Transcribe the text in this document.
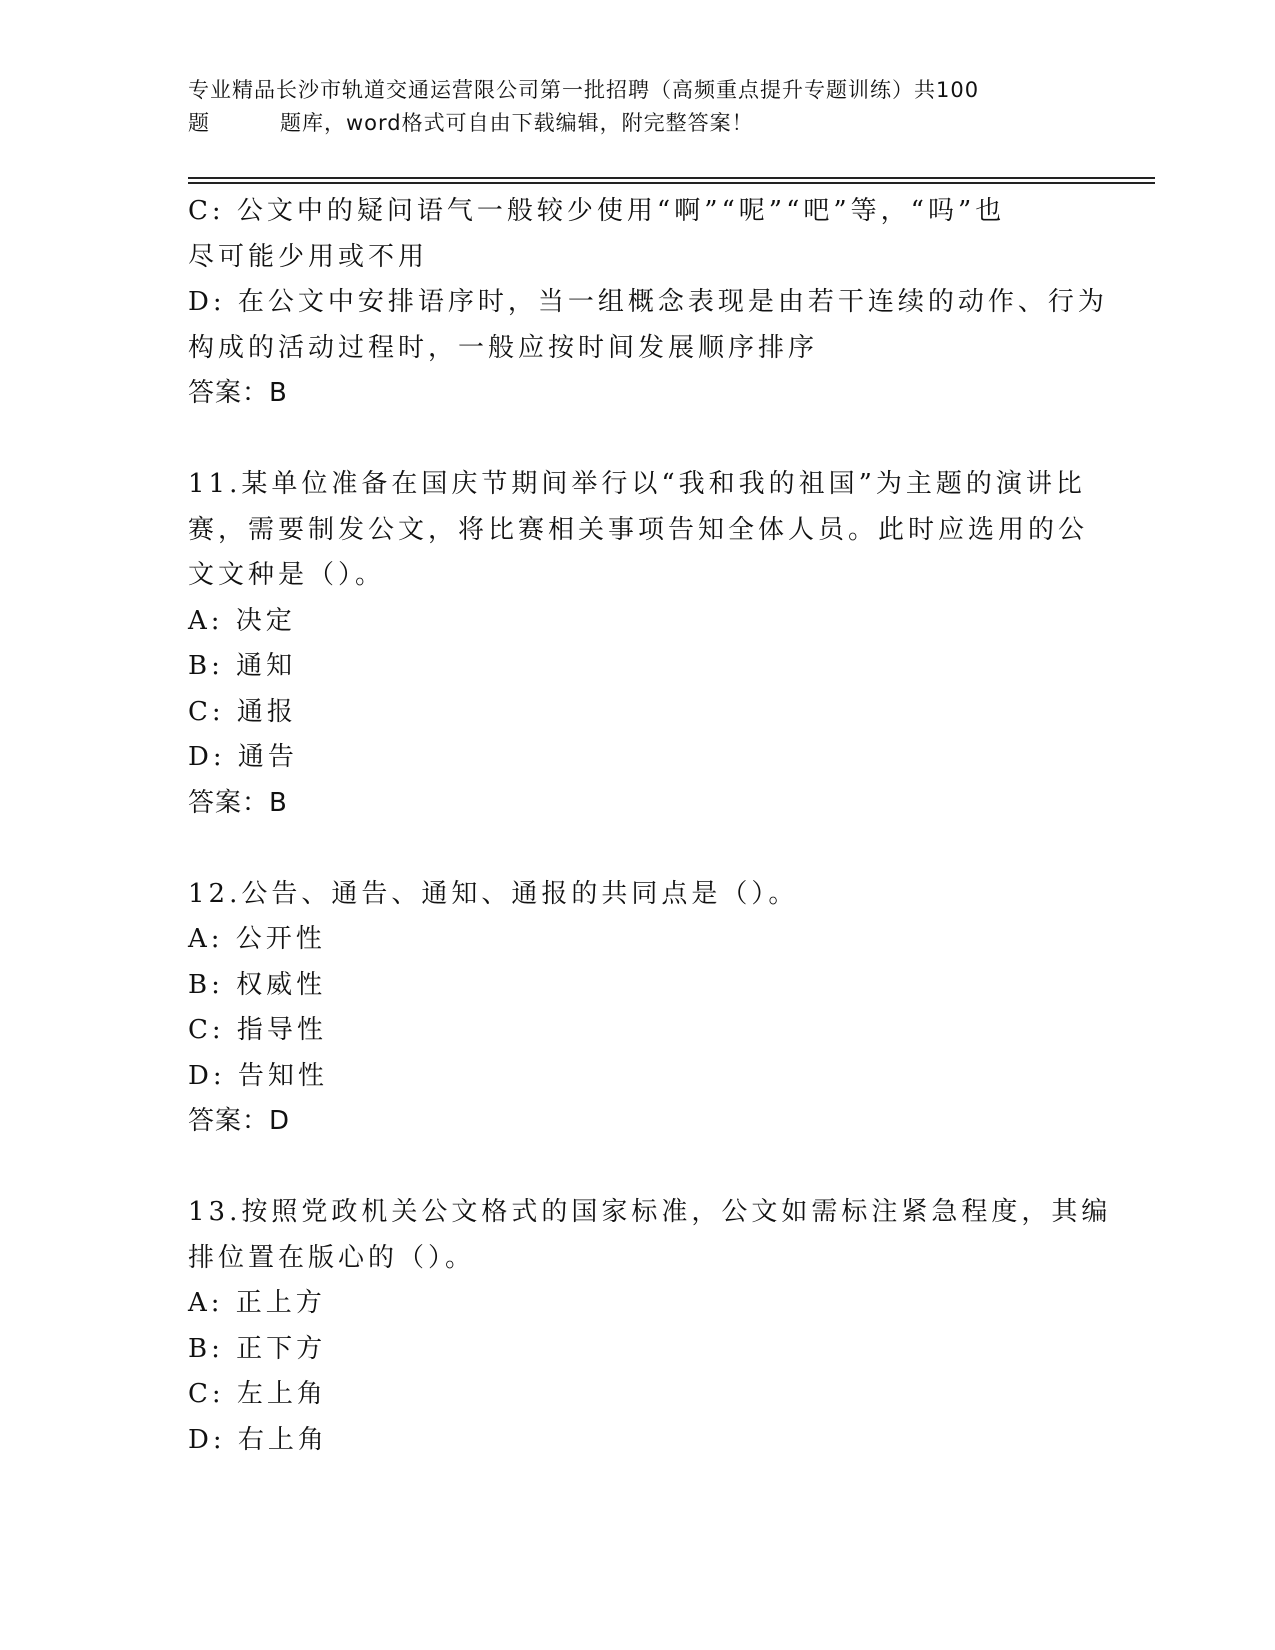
专业精品长沙市轨道交通运营限公司第一批招聘（高频重点提升专题训练）共100
题	题库，word格式可自由下载编辑，附完整答案！
C: 公文中的疑问语气一般较少使用“啊”“呢”“吧”等，“吗”也
尽可能少用或不用
D: 在公文中安排语序时，当一组概念表现是由若干连续的动作、行为
构成的活动过程时，一般应按时间发展顺序排序
答案：B
11.某单位准备在国庆节期间举行以“我和我的祖国”为主题的演讲比
赛，需要制发公文，将比赛相关事项告知全体人员。此时应选用的公
文文种是（）。
A: 决定
B: 通知
C: 通报
D: 通告
答案：B
12.公告、通告、通知、通报的共同点是（）。
A: 公开性
B: 权威性
C: 指导性
D: 告知性
答案：D
13.按照党政机关公文格式的国家标准，公文如需标注紧急程度，其编
排位置在版心的（）。
A: 正上方
B: 正下方
C: 左上角
D: 右上角
